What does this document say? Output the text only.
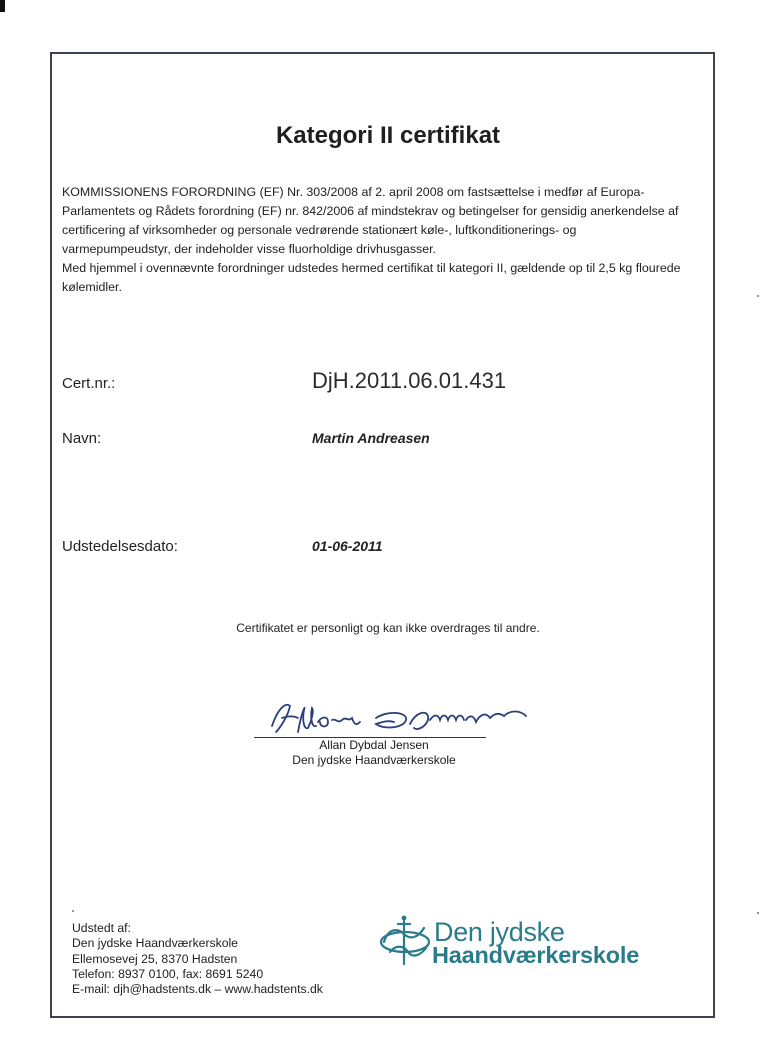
Kategori II certifikat

KOMMISSIONENS FORORDNING (EF) Nr. 303/2008 af 2. april 2008 om fastsættelse i medfør af Europa-

Parlamentets og Rådets forordning (EF) nr. 842/2006 af mindstekrav og betingelser for gensidig anerkendelse af

certificering af virksomheder og personale vedrørende stationært køle-, luftkonditionerings- og

varmepumpeudstyr, der indeholder visse fluorholdige drivhusgasser.

Med hjemmel i ovennævnte forordninger udstedes hermed certifikat til kategori II, gældende op til 2,5 kg flourede

kølemidler.

Cert.nr.:	DjH.2011.06.01.431
Navn:	Martin Andreasen
Udstedelsesdato:	01-06-2011
Certifikatet er personligt og kan ikke overdrages til andre.
Allan Dybdal Jensen
Den jydske Haandværkerskole
Udstedt af:
Den jydske Haandværkerskole
Ellemosevej 25, 8370 Hadsten
Telefon: 8937 0100, fax: 8691 5240
E-mail: djh@hadstents.dk – www.hadstents.dk
Den jydske
Haandværkerskole
